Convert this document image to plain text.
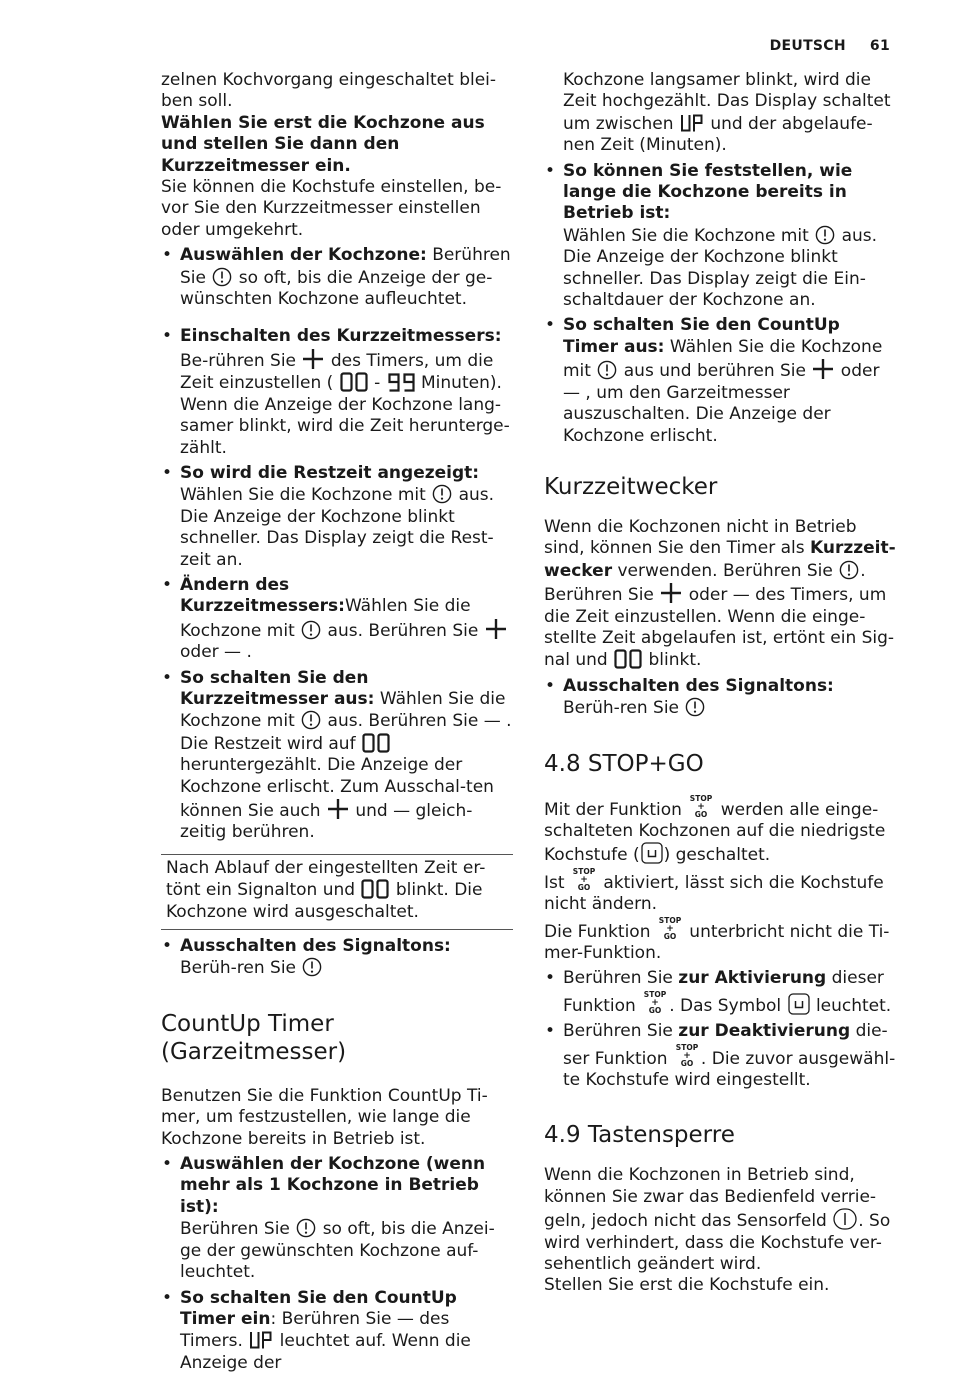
DEUTSCH 61

zelnen Kochvorgang eingeschaltet blei-ben soll.

Wählen Sie erst die Kochzone aus und stellen Sie dann den Kurzzeitmesser ein.

Sie können die Kochstufe einstellen, be-vor Sie den Kurzzeitmesser einstellen oder umgekehrt.

• Auswählen der Kochzone: Berühren Sie so oft, bis die Anzeige der ge-wünschten Kochzone aufleuchtet.

• Einschalten des Kurzzeitmessers: Be-rühren Sie des Timers, um die Zeit einzustellen ( - Minuten). Wenn die Anzeige der Kochzone lang-samer blinkt, wird die Zeit herunterge-zählt.

• So wird die Restzeit angezeigt:
Wählen Sie die Kochzone mit aus. Die Anzeige der Kochzone blinkt schneller. Das Display zeigt die Rest-zeit an.

• Ändern des Kurzzeitmessers:Wählen Sie die Kochzone mit aus. Berühren Sie
oder — .

• So schalten Sie den Kurzzeitmesser aus: Wählen Sie die Kochzone mit aus. Berühren Sie — . Die Restzeit wird auf
heruntergezählt. Die Anzeige der Kochzone erlischt. Zum Ausschal-ten können Sie auch und — gleich-zeitig berühren.

Nach Ablauf der eingestellten Zeit er-tönt ein Signalton und blinkt. Die Kochzone wird ausgeschaltet.

• Ausschalten des Signaltons: Berüh-ren Sie

CountUp Timer (Garzeitmesser)

Benutzen Sie die Funktion CountUp Ti-mer, um festzustellen, wie lange die Kochzone bereits in Betrieb ist.

• Auswählen der Kochzone (wenn mehr als 1 Kochzone in Betrieb ist):
Berühren Sie so oft, bis die Anzei-ge der gewünschten Kochzone auf-leuchtet.

• So schalten Sie den CountUp Timer ein: Berühren Sie — des Timers. leuchtet auf. Wenn die Anzeige der

Kochzone langsamer blinkt, wird die Zeit hochgezählt. Das Display schaltet um zwischen und der abgelaufe-nen Zeit (Minuten).

• So können Sie feststellen, wie lange die Kochzone bereits in Betrieb ist:
Wählen Sie die Kochzone mit aus. Die Anzeige der Kochzone blinkt schneller. Das Display zeigt die Ein-schaltdauer der Kochzone an.

• So schalten Sie den CountUp Timer aus: Wählen Sie die Kochzone mit aus und berühren Sie oder — , um den Garzeitmesser auszuschalten. Die Anzeige der Kochzone erlischt.

Kurzzeitwecker

Wenn die Kochzonen nicht in Betrieb sind, können Sie den Timer als Kurzzeit-wecker verwenden. Berühren Sie . Berühren Sie oder — des Timers, um die Zeit einzustellen. Wenn die einge-stellte Zeit abgelaufen ist, ertönt ein Sig-nal und blinkt.

• Ausschalten des Signaltons: Berüh-ren Sie

4.8 STOP+GO

Mit der Funktion
STOP
+
GO werden alle einge-schalteten Kochzonen auf die niedrigste Kochstufe ( ) geschaltet.

Ist
STOP
+
GO aktiviert, lässt sich die Kochstufe nicht ändern.

Die Funktion
STOP
+
GO unterbricht nicht die Ti-mer-Funktion.

• Berühren Sie zur Aktivierung dieser Funktion
STOP
+
GO . Das Symbol leuchtet.

• Berühren Sie zur Deaktivierung die-ser Funktion
STOP
+
GO . Die zuvor ausgewähl-te Kochstufe wird eingestellt.

4.9 Tastensperre

Wenn die Kochzonen in Betrieb sind, können Sie zwar das Bedienfeld verrie-geln, jedoch nicht das Sensorfeld . So wird verhindert, dass die Kochstufe ver-sehentlich geändert wird.

Stellen Sie erst die Kochstufe ein.
